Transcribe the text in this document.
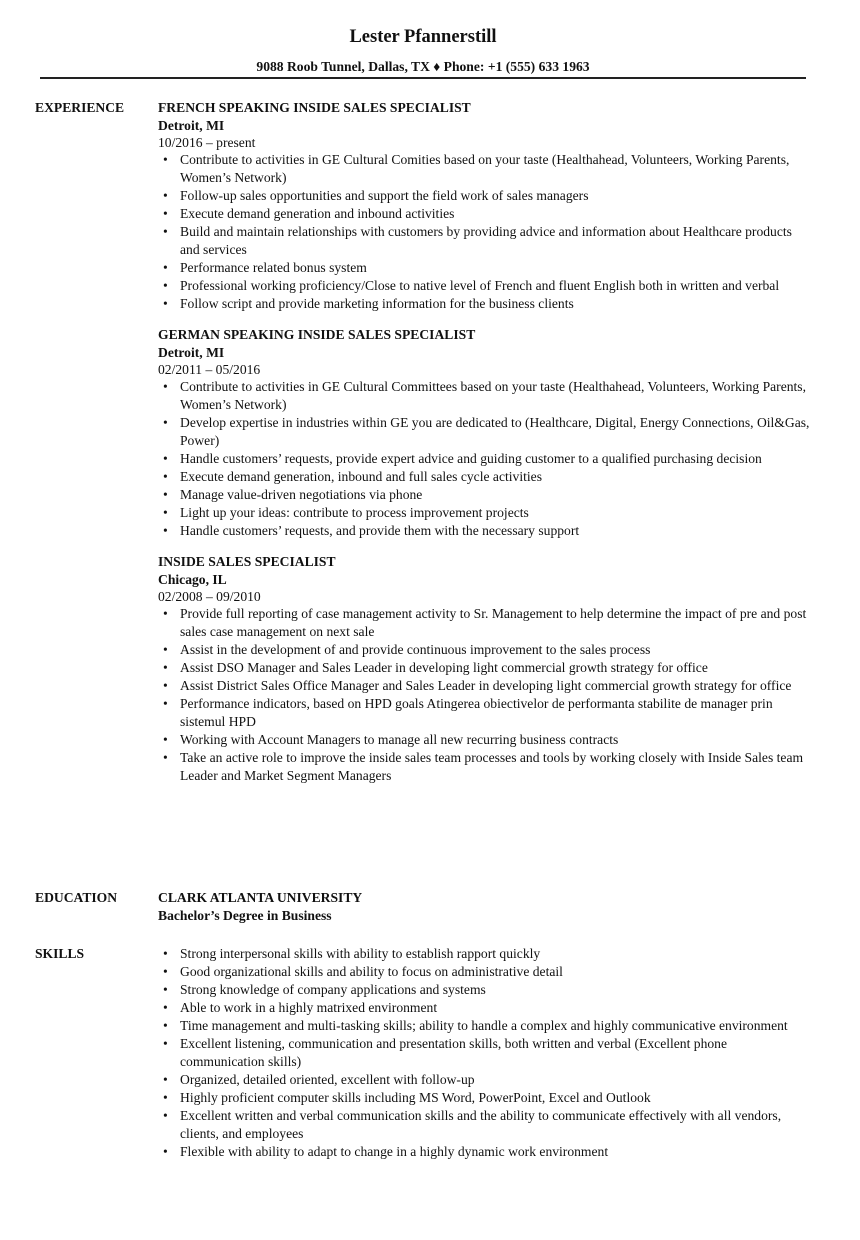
Lester Pfannerstill
9088 Roob Tunnel, Dallas, TX ♦ Phone: +1 (555) 633 1963
EXPERIENCE FRENCH SPEAKING INSIDE SALES SPECIALIST
Detroit, MI
10/2016 – present
• Contribute to activities in GE Cultural Comities based on your taste (Healthahead, Volunteers, Working Parents, Women’s Network)
• Follow-up sales opportunities and support the field work of sales managers
• Execute demand generation and inbound activities
• Build and maintain relationships with customers by providing advice and information about Healthcare products and services
• Performance related bonus system
• Professional working proficiency/Close to native level of French and fluent English both in written and verbal
• Follow script and provide marketing information for the business clients
GERMAN SPEAKING INSIDE SALES SPECIALIST
Detroit, MI
02/2011 – 05/2016
• Contribute to activities in GE Cultural Committees based on your taste (Healthahead, Volunteers, Working Parents, Women’s Network)
• Develop expertise in industries within GE you are dedicated to (Healthcare, Digital, Energy Connections, Oil&Gas, Power)
• Handle customers’ requests, provide expert advice and guiding customer to a qualified purchasing decision
• Execute demand generation, inbound and full sales cycle activities
• Manage value-driven negotiations via phone
• Light up your ideas: contribute to process improvement projects
• Handle customers’ requests, and provide them with the necessary support
INSIDE SALES SPECIALIST
Chicago, IL
02/2008 – 09/2010
• Provide full reporting of case management activity to Sr. Management to help determine the impact of pre and post sales case management on next sale
• Assist in the development of and provide continuous improvement to the sales process
• Assist DSO Manager and Sales Leader in developing light commercial growth strategy for office
• Assist District Sales Office Manager and Sales Leader in developing light commercial growth strategy for office
• Performance indicators, based on HPD goals Atingerea obiectivelor de performanta stabilite de manager prin sistemul HPD
• Working with Account Managers to manage all new recurring business contracts
• Take an active role to improve the inside sales team processes and tools by working closely with Inside Sales team Leader and Market Segment Managers
EDUCATION	CLARK ATLANTA UNIVERSITY
Bachelor’s Degree in Business
SKILLS	• Strong interpersonal skills with ability to establish rapport quickly
• Good organizational skills and ability to focus on administrative detail
• Strong knowledge of company applications and systems
• Able to work in a highly matrixed environment
• Time management and multi-tasking skills; ability to handle a complex and highly communicative environment
• Excellent listening, communication and presentation skills, both written and verbal (Excellent phone communication skills)
• Organized, detailed oriented, excellent with follow-up
• Highly proficient computer skills including MS Word, PowerPoint, Excel and Outlook
• Excellent written and verbal communication skills and the ability to communicate effectively with all vendors, clients, and employees
• Flexible with ability to adapt to change in a highly dynamic work environment
